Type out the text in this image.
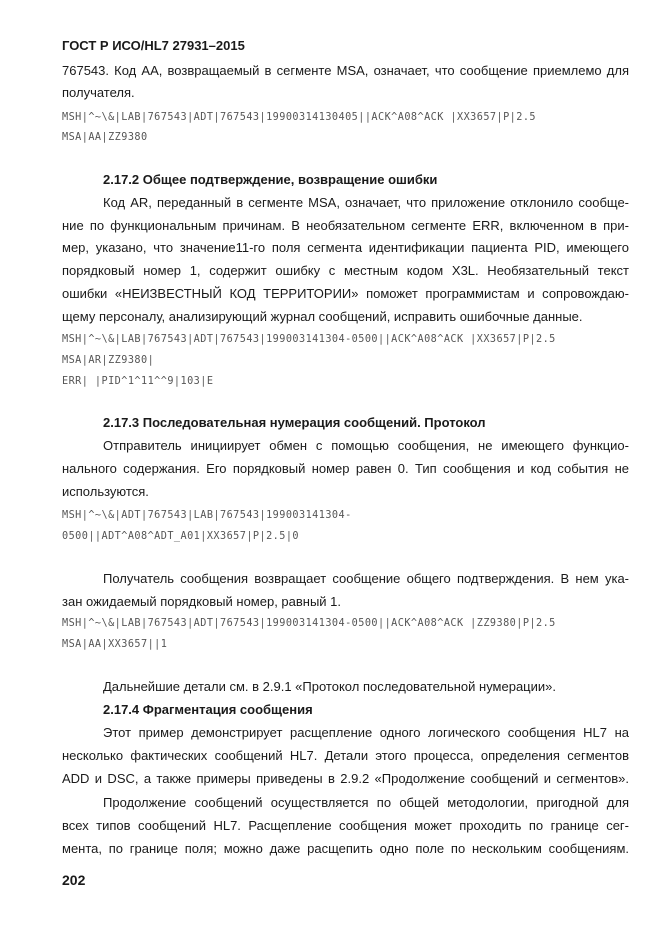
ГОСТ Р ИСО/HL7 27931–2015
767543. Код AA, возвращаемый в сегменте MSA, означает, что сообщение приемлемо для
получателя.
MSH|^~\&|LAB|767543|ADT|767543|19900314130405||ACK^A08^ACK |XX3657|P|2.5
MSA|AA|ZZ9380
2.17.2 Общее подтверждение, возвращение ошибки
Код AR, переданный в сегменте MSA, означает, что приложение отклонило сообще-
ние по функциональным причинам. В необязательном сегменте ERR, включенном в при-
мер, указано, что значение11-го поля сегмента идентификации пациента PID, имеющего
порядковый номер 1, содержит ошибку с местным кодом X3L. Необязательный текст
ошибки «НЕИЗВЕСТНЫЙ КОД ТЕРРИТОРИИ» поможет программистам и сопровождаю-
щему персоналу, анализирующий журнал сообщений, исправить ошибочные данные.
MSH|^~\&|LAB|767543|ADT|767543|199003141304-0500||ACK^A08^ACK |XX3657|P|2.5
MSA|AR|ZZ9380|
ERR| |PID^1^11^^9|103|E
2.17.3 Последовательная нумерация сообщений. Протокол
Отправитель инициирует обмен с помощью сообщения, не имеющего функцио-
нального содержания. Его порядковый номер равен 0. Тип сообщения и код события не
используются.
MSH|^~\&|ADT|767543|LAB|767543|199003141304-
0500||ADT^A08^ADT_A01|XX3657|P|2.5|0
Получатель сообщения возвращает сообщение общего подтверждения. В нем ука-
зан ожидаемый порядковый номер, равный 1.
MSH|^~\&|LAB|767543|ADT|767543|199003141304-0500||ACK^A08^ACK |ZZ9380|P|2.5
MSA|AA|XX3657||1
Дальнейшие детали см. в 2.9.1 «Протокол последовательной нумерации».
2.17.4 Фрагментация сообщения
Этот пример демонстрирует расщепление одного логического сообщения HL7 на
несколько фактических сообщений HL7. Детали этого процесса, определения сегментов
ADD и DSC, а также примеры приведены в 2.9.2 «Продолжение сообщений и сегментов».
Продолжение сообщений осуществляется по общей методологии, пригодной для
всех типов сообщений HL7. Расщепление сообщения может проходить по границе сег-
мента, по границе поля; можно даже расщепить одно поле по нескольким сообщениям.
202
